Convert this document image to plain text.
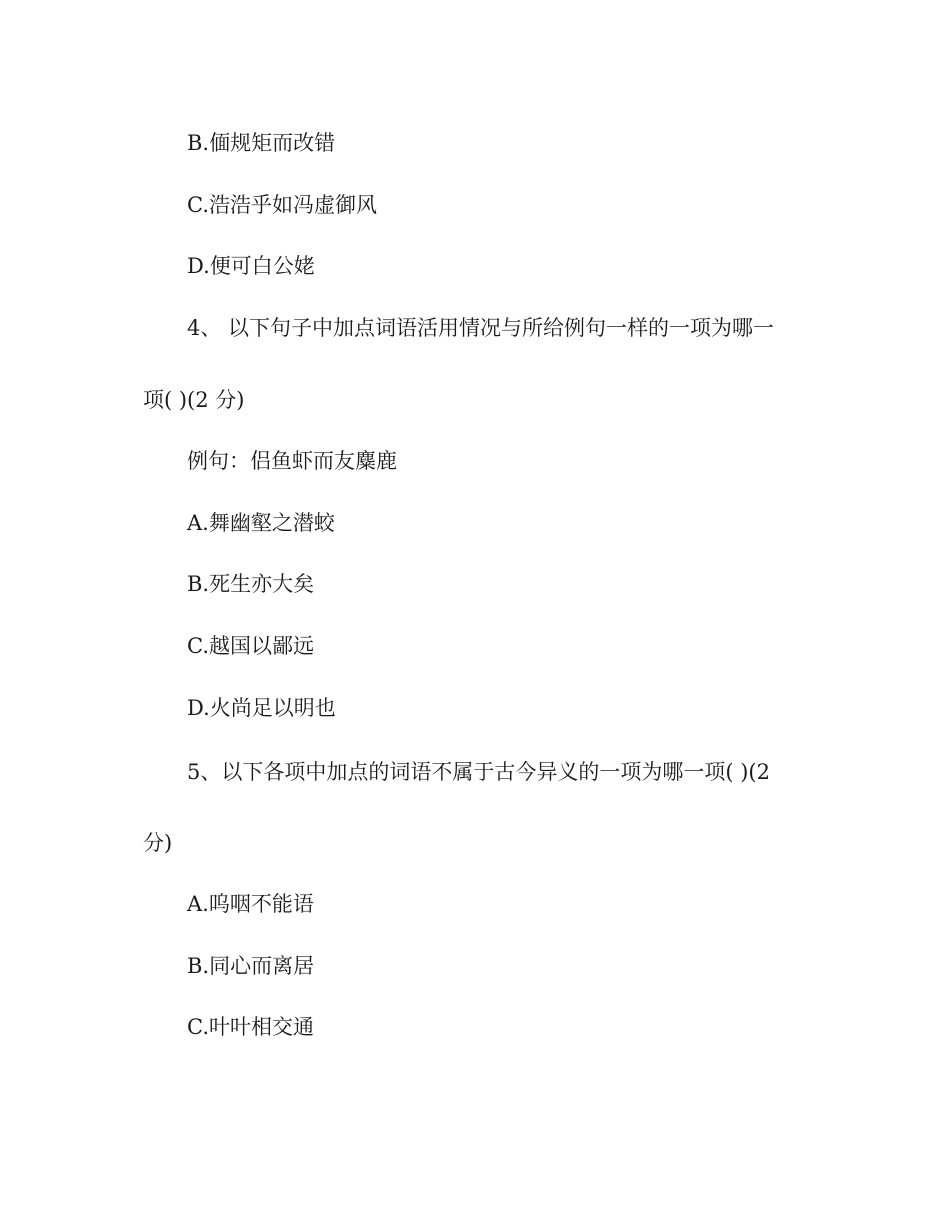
B.偭规矩而改错

C.浩浩乎如冯虚御风

D.便可白公姥

4、 以下句子中加点词语活用情况与所给例句一样的一项为哪一

项( )(2 分)

例句：侣鱼虾而友麋鹿

A.舞幽壑之潜蛟

B.死生亦大矣

C.越国以鄙远

D.火尚足以明也

5、以下各项中加点的词语不属于古今异义的一项为哪一项( )(2

分)

A.呜咽不能语

B.同心而离居

C.叶叶相交通
